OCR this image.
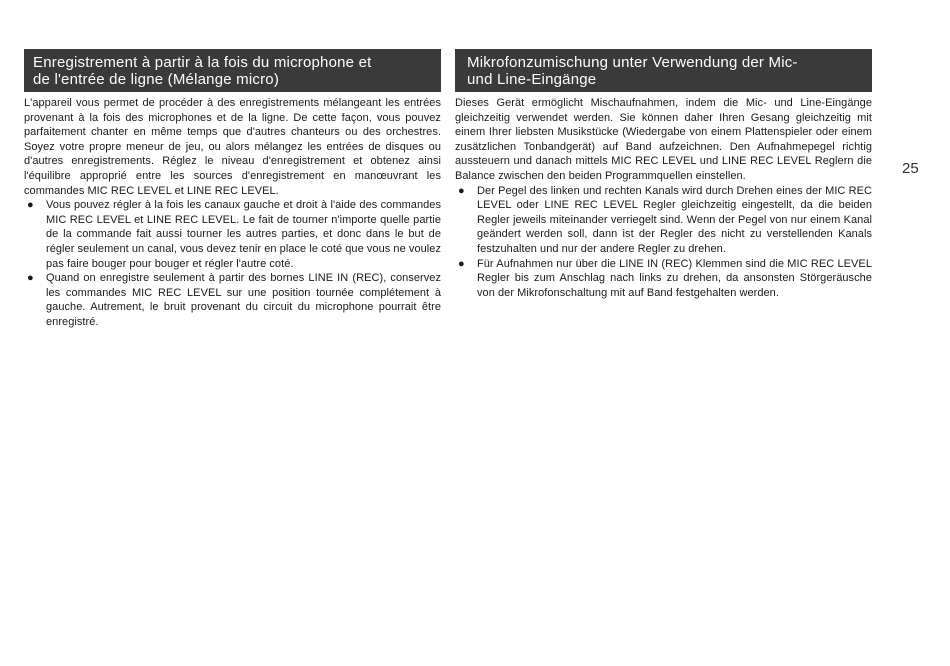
Enregistrement à partir à la fois du microphone et
de l'entrée de ligne (Mélange micro)

L'appareil vous permet de procéder à des enregistrements mélangeant les entrées provenant à la fois des microphones et de la ligne. De cette façon, vous pouvez parfaitement chanter en même temps que d'autres chanteurs ou des orchestres. Soyez votre propre meneur de jeu, ou alors mélangez les entrées de disques ou d'autres enregistrements. Réglez le niveau d'enregistrement et obtenez ainsi l'équilibre approprié entre les sources d'enregistrement en manœuvrant les commandes MIC REC LEVEL et LINE REC LEVEL.

● Vous pouvez régler à la fois les canaux gauche et droit à l'aide des commandes MIC REC LEVEL et LINE REC LEVEL. Le fait de tourner n'importe quelle partie de la commande fait aussi tourner les autres parties, et donc dans le but de régler seulement un canal, vous devez tenir en place le coté que vous ne voulez pas faire bouger pour bouger et régler l'autre coté.
● Quand on enregistre seulement à partir des bornes LINE IN (REC), conservez les commandes MIC REC LEVEL sur une position tournée complétement à gauche. Autrement, le bruit provenant du circuit du microphone pourrait être enregistré.
Mikrofonzumischung unter Verwendung der Mic-
und Line-Eingänge

Dieses Gerät ermöglicht Mischaufnahmen, indem die Mic- und Line-Eingänge gleichzeitig verwendet werden. Sie können daher Ihren Gesang gleichzeitig mit einem Ihrer liebsten Musikstücke (Wiedergabe von einem Plattenspieler oder einem zusätzlichen Tonbandgerät) auf Band aufzeichnen. Den Aufnahmepegel richtig aussteuern und danach mittels MIC REC LEVEL und LINE REC LEVEL Reglern die Balance zwischen den beiden Programmquellen einstellen.

● Der Pegel des linken und rechten Kanals wird durch Drehen eines der MIC REC LEVEL oder LINE REC LEVEL Regler gleichzeitig eingestellt, da die beiden Regler jeweils miteinander verriegelt sind. Wenn der Pegel von nur einem Kanal geändert werden soll, dann ist der Regler des nicht zu verstellenden Kanals festzuhalten und nur der andere Regler zu drehen.
● Für Aufnahmen nur über die LINE IN (REC) Klemmen sind die MIC REC LEVEL Regler bis zum Anschlag nach links zu drehen, da ansonsten Störgeräusche von der Mikrofonschaltung mit auf Band festgehalten werden.

25
